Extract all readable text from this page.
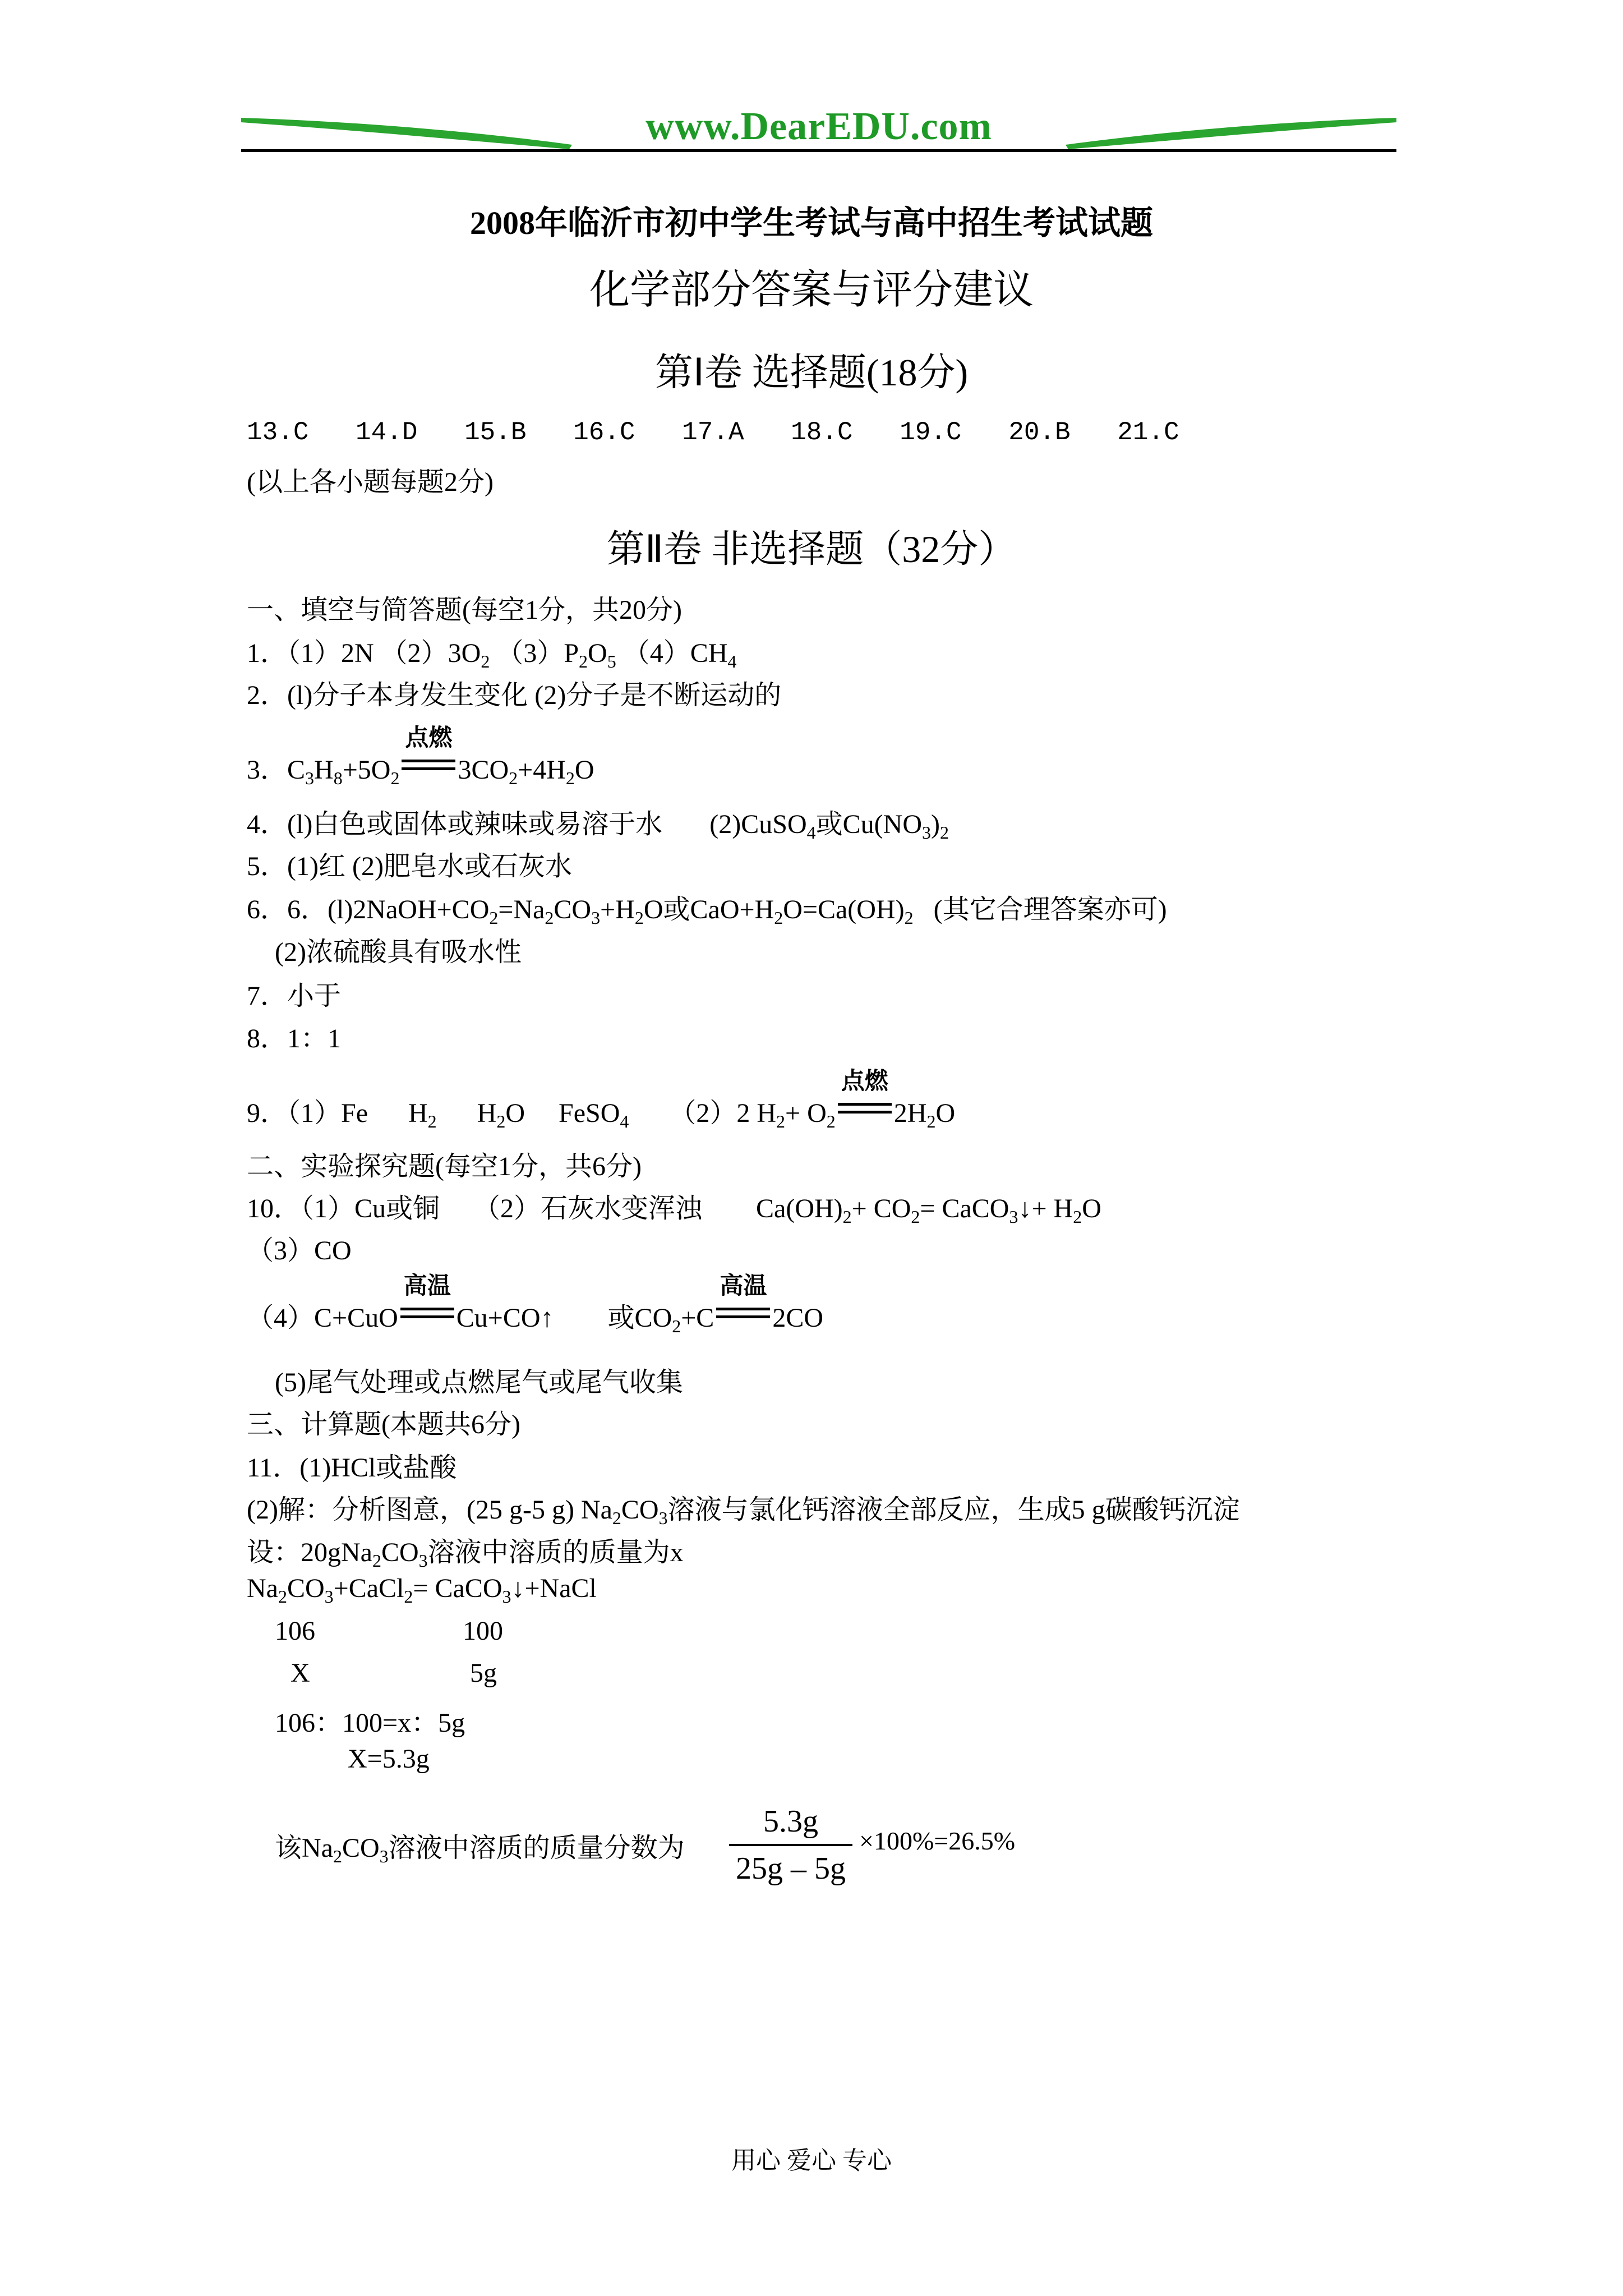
www.DearEDU.com
2008年临沂市初中学生考试与高中招生考试试题
化学部分答案与评分建议
第Ⅰ卷 选择题(18分)
13.C 14.D 15.B 16.C 17.A 18.C 19.C 20.B 21.C
(以上各小题每题2分)
第Ⅱ卷 非选择题（32分）
一、填空与简答题(每空1分，共20分)
1．（1）2N $(2)3O_2$ $(3)P_2O_5$ $(4)CH_4$
2．(l)分子本身发生变化 (2)分子是不断运动的
3．$C_3H_8+5O_2$
点燃
$3CO_2+4H_2O$
4．(l)白色或固体或辣味或易溶于水       (2)CuSO$_4$或$Cu(NO_3)_2$
5．(1)红 (2)肥皂水或石灰水
6．6．$(l)2NaOH+CO_2=Na_2CO_3+H_2O$或$CaO+H_2O=Ca(OH)_2$   (其它合理答案亦可)
(2)浓硫酸具有吸水性
7．小于
8．1：1
9．（1）Fe      $H_2$      $H_2O$     FeSO$_4$      （2）2 $H_2+ O_2$
点燃
$2H_2O$
二、实验探究题(每空1分，共6分)
10．（1）Cu或铜     （2）石灰水变浑浊        $Ca(OH)_2+ CO_2=$ CaCO$_3$↓+ $H_2O$
（3）CO
（4）C+CuO
高温
Cu+CO↑        或$CO_2+C$
高温
2CO
(5)尾气处理或点燃尾气或尾气收集
三、计算题(本题共6分)
11．(1)HCl或盐酸
(2)解：分析图意，(25 g-5 g) $Na_2CO_3$溶液与氯化钙溶液全部反应，生成5 g碳酸钙沉淀
设：$20gNa_2CO_3$溶液中溶质的质量为x
$Na_2CO_3+CaCl_2=$ CaCO$_3$↓+NaCl
106	100
X	5g
106：100=x：5g
X=5.3g
该$Na_2CO_3$溶液中溶质的质量分数为 $\frac{5.3g}{25g - 5g} \times 100\%=26.5\%$
用心 爱心 专心
